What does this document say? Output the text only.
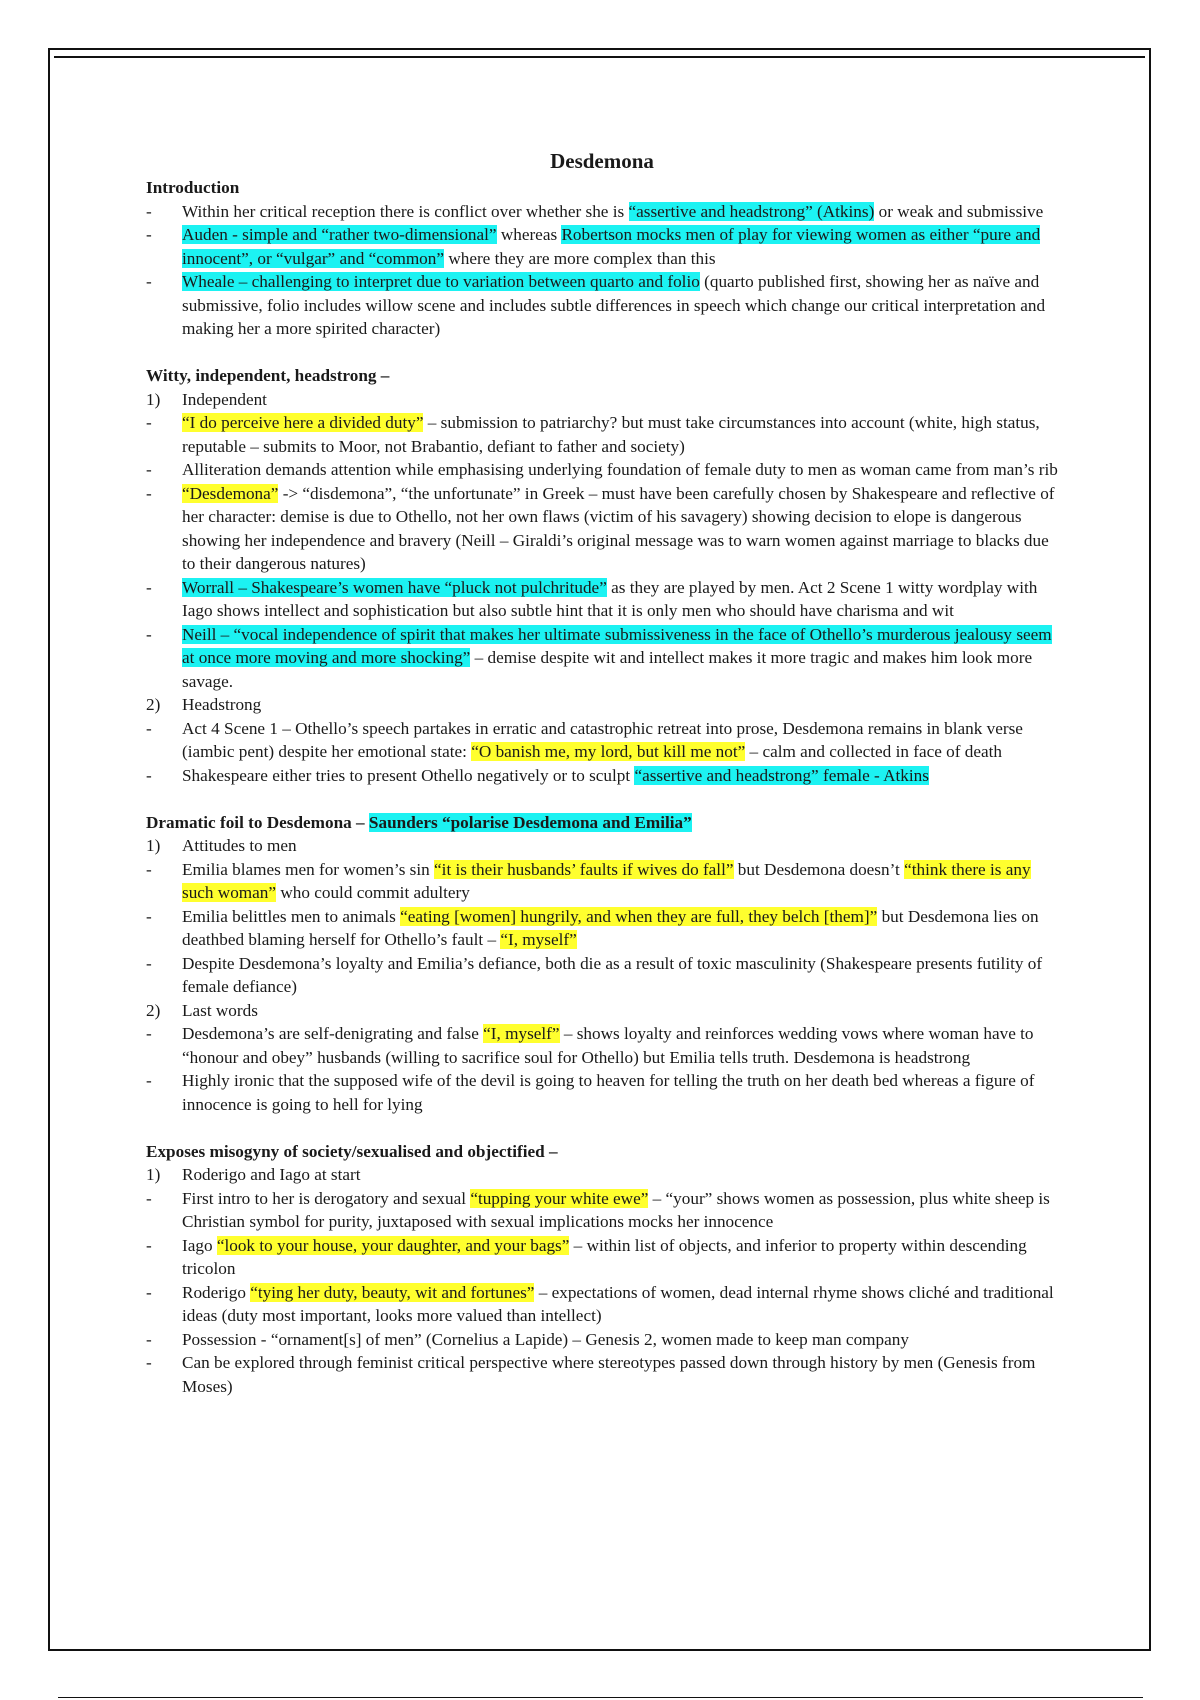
Desdemona
Introduction
- Within her critical reception there is conflict over whether she is “assertive and headstrong” (Atkins) or weak and submissive
- Auden - simple and “rather two-dimensional” whereas Robertson mocks men of play for viewing women as either “pure and innocent”, or “vulgar” and “common” where they are more complex than this
- Wheale – challenging to interpret due to variation between quarto and folio (quarto published first, showing her as naïve and submissive, folio includes willow scene and includes subtle differences in speech which change our critical interpretation and making her a more spirited character)
Witty, independent, headstrong –
1) Independent
- “I do perceive here a divided duty” – submission to patriarchy? but must take circumstances into account (white, high status, reputable – submits to Moor, not Brabantio, defiant to father and society)
- Alliteration demands attention while emphasising underlying foundation of female duty to men as woman came from man’s rib
- “Desdemona” -> “disdemona”, “the unfortunate” in Greek – must have been carefully chosen by Shakespeare and reflective of her character: demise is due to Othello, not her own flaws (victim of his savagery) showing decision to elope is dangerous showing her independence and bravery (Neill – Giraldi’s original message was to warn women against marriage to blacks due to their dangerous natures)
- Worrall – Shakespeare’s women have “pluck not pulchritude” as they are played by men. Act 2 Scene 1 witty wordplay with Iago shows intellect and sophistication but also subtle hint that it is only men who should have charisma and wit
- Neill – “vocal independence of spirit that makes her ultimate submissiveness in the face of Othello’s murderous jealousy seem at once more moving and more shocking” – demise despite wit and intellect makes it more tragic and makes him look more savage.
2) Headstrong
- Act 4 Scene 1 – Othello’s speech partakes in erratic and catastrophic retreat into prose, Desdemona remains in blank verse (iambic pent) despite her emotional state: “O banish me, my lord, but kill me not” – calm and collected in face of death
- Shakespeare either tries to present Othello negatively or to sculpt “assertive and headstrong” female - Atkins
Dramatic foil to Desdemona – Saunders “polarise Desdemona and Emilia”
1) Attitudes to men
- Emilia blames men for women’s sin “it is their husbands’ faults if wives do fall” but Desdemona doesn’t “think there is any such woman” who could commit adultery
- Emilia belittles men to animals “eating [women] hungrily, and when they are full, they belch [them]” but Desdemona lies on deathbed blaming herself for Othello’s fault – “I, myself”
- Despite Desdemona’s loyalty and Emilia’s defiance, both die as a result of toxic masculinity (Shakespeare presents futility of female defiance)
2) Last words
- Desdemona’s are self-denigrating and false “I, myself” – shows loyalty and reinforces wedding vows where woman have to “honour and obey” husbands (willing to sacrifice soul for Othello) but Emilia tells truth. Desdemona is headstrong
- Highly ironic that the supposed wife of the devil is going to heaven for telling the truth on her death bed whereas a figure of innocence is going to hell for lying
Exposes misogyny of society/sexualised and objectified –
1) Roderigo and Iago at start
- First intro to her is derogatory and sexual “tupping your white ewe” – “your” shows women as possession, plus white sheep is Christian symbol for purity, juxtaposed with sexual implications mocks her innocence
- Iago “look to your house, your daughter, and your bags” – within list of objects, and inferior to property within descending tricolon
- Roderigo “tying her duty, beauty, wit and fortunes” – expectations of women, dead internal rhyme shows cliché and traditional ideas (duty most important, looks more valued than intellect)
- Possession - “ornament[s] of men” (Cornelius a Lapide) – Genesis 2, women made to keep man company
- Can be explored through feminist critical perspective where stereotypes passed down through history by men (Genesis from Moses)
